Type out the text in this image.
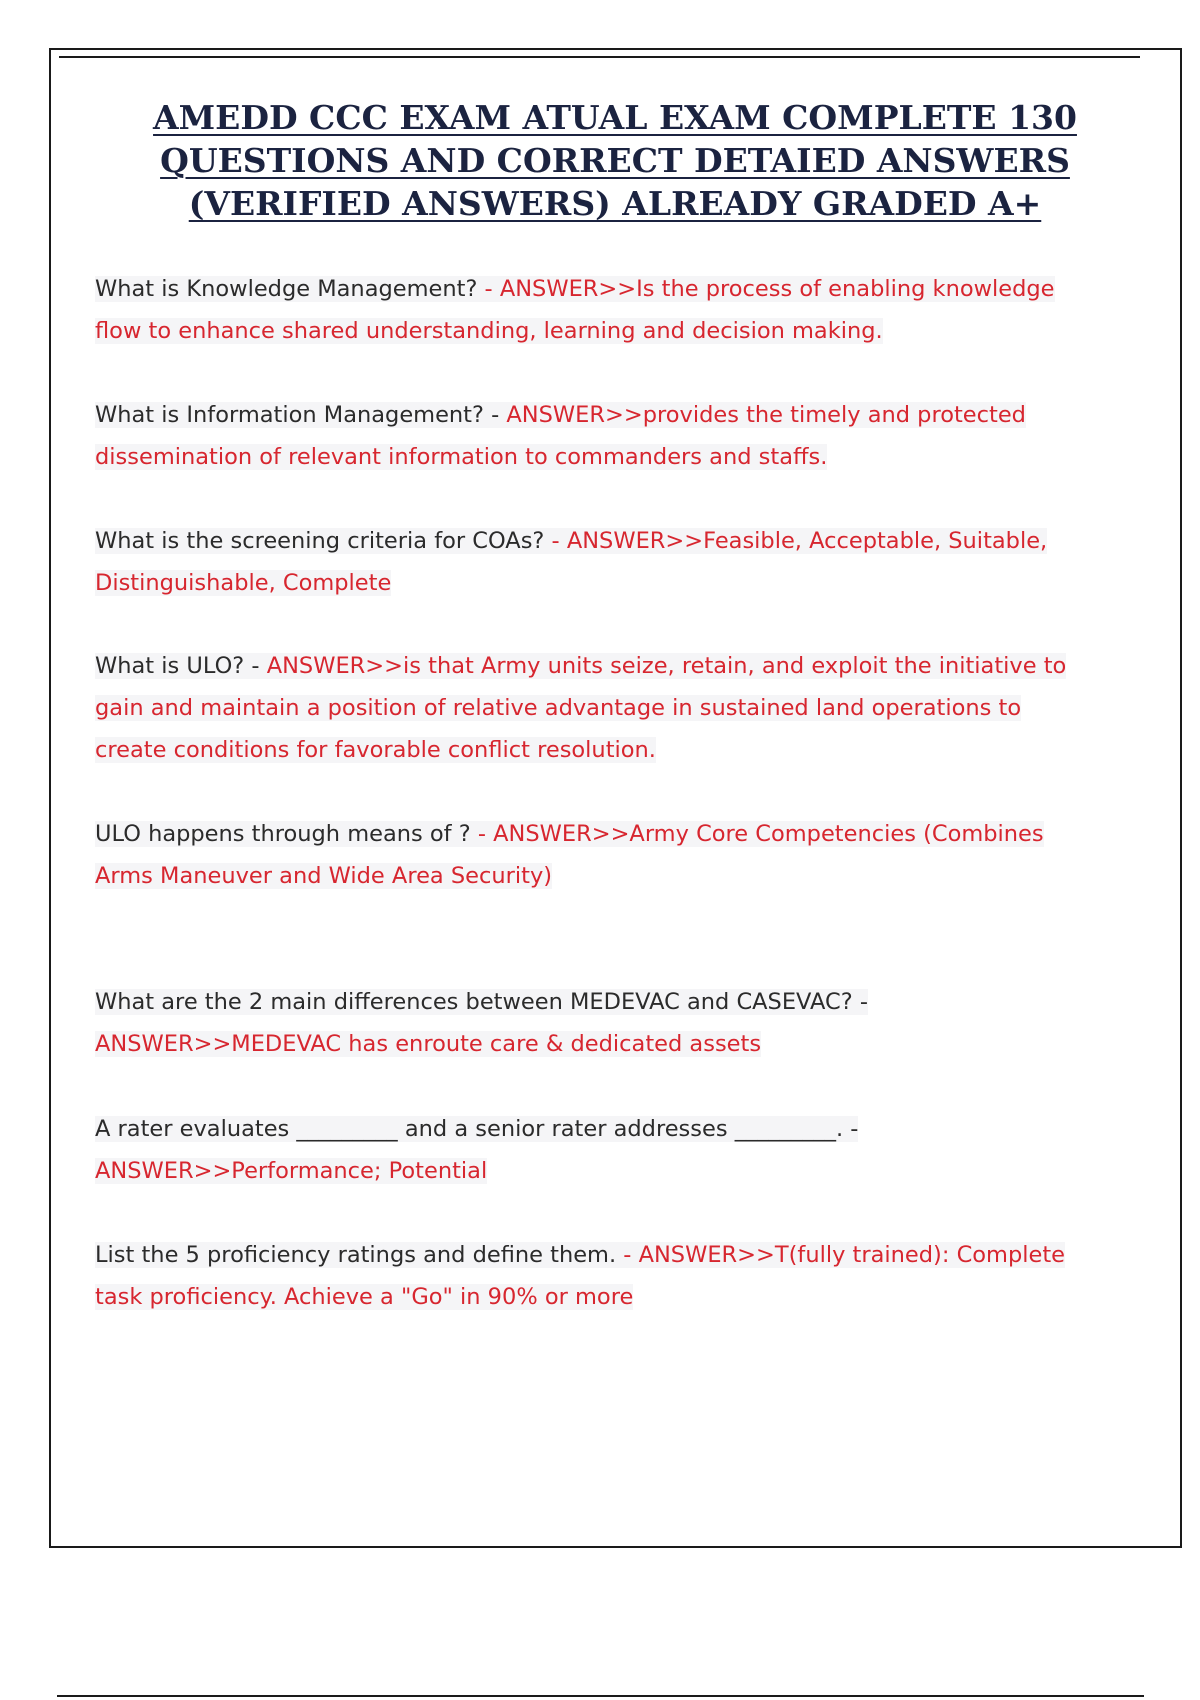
AMEDD CCC EXAM ATUAL EXAM COMPLETE 130 QUESTIONS AND CORRECT DETAIED ANSWERS (VERIFIED ANSWERS) ALREADY GRADED A+
What is Knowledge Management? - ANSWER>>Is the process of enabling knowledge flow to enhance shared understanding, learning and decision making.
What is Information Management? - ANSWER>>provides the timely and protected dissemination of relevant information to commanders and staffs.
What is the screening criteria for COAs? - ANSWER>>Feasible, Acceptable, Suitable, Distinguishable, Complete
What is ULO? - ANSWER>>is that Army units seize, retain, and exploit the initiative to gain and maintain a position of relative advantage in sustained land operations to create conditions for favorable conflict resolution.
ULO happens through means of ? - ANSWER>>Army Core Competencies (Combines Arms Maneuver and Wide Area Security)
What are the 2 main differences between MEDEVAC and CASEVAC? - ANSWER>>MEDEVAC has enroute care & dedicated assets
A rater evaluates _________ and a senior rater addresses _________. - ANSWER>>Performance; Potential
List the 5 proficiency ratings and define them. - ANSWER>>T(fully trained): Complete task proficiency. Achieve a "Go" in 90% or more
